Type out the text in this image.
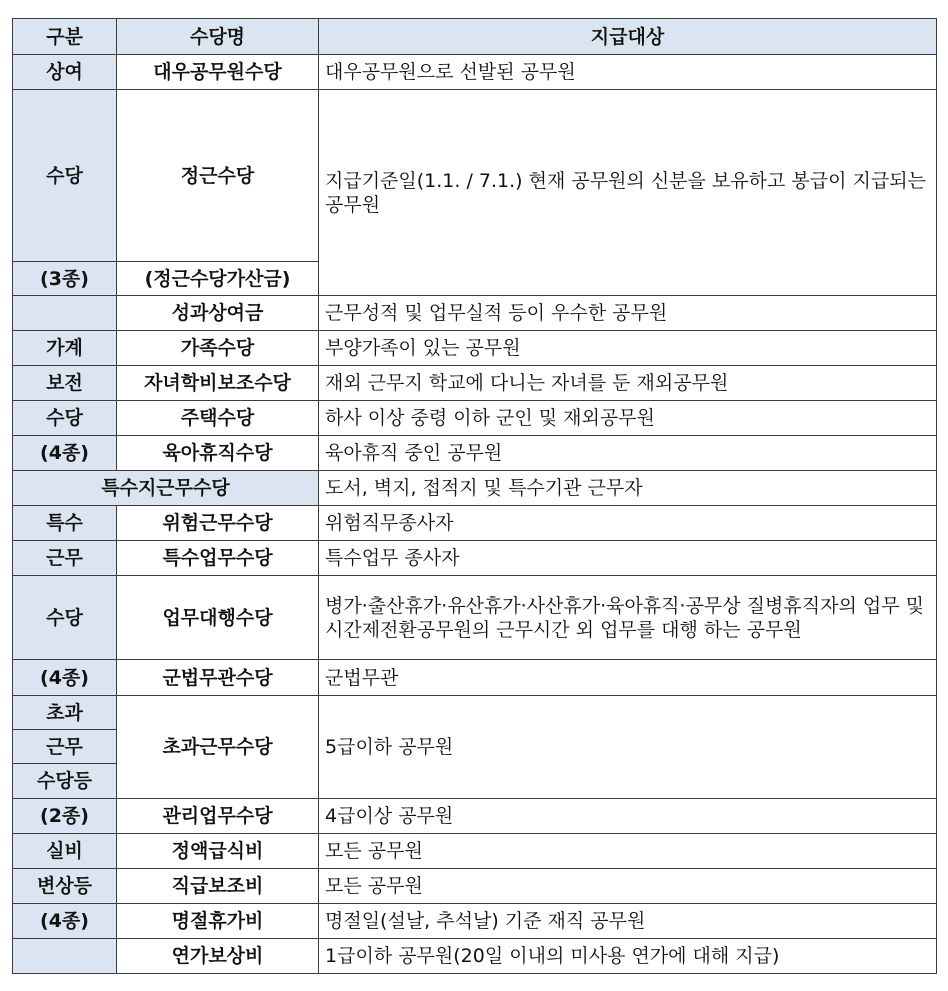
구분	수당명	지급대상
상여	대우공무원수당	대우공무원으로 선발된 공무원
수당	정근수당	지급기준일(1.1. / 7.1.) 현재 공무원의 신분을 보유하고 봉급이 지급되는 공무원
(3종)	(정근수당가산금)	
	성과상여금	근무성적 및 업무실적 등이 우수한 공무원
가계	가족수당	부양가족이 있는 공무원
보전	자녀학비보조수당	재외 근무지 학교에 다니는 자녀를 둔 재외공무원
수당	주택수당	하사 이상 중령 이하 군인 및 재외공무원
(4종)	육아휴직수당	육아휴직 중인 공무원
특수지근무수당		도서, 벽지, 접적지 및 특수기관 근무자
특수	위험근무수당	위험직무종사자
근무	특수업무수당	특수업무 종사자
수당	업무대행수당	병가·출산휴가·유산휴가·사산휴가·육아휴직·공무상 질병휴직자의 업무 및 시간제전환공무원의 근무시간 외 업무를 대행 하는 공무원
(4종)	군법무관수당	군법무관
초과	초과근무수당	5급이하 공무원
근무		
수당등		
(2종)	관리업무수당	4급이상 공무원
실비	정액급식비	모든 공무원
변상등	직급보조비	모든 공무원
(4종)	명절휴가비	명절일(설날, 추석날) 기준 재직 공무원
	연가보상비	1급이하 공무원(20일 이내의 미사용 연가에 대해 지급)
